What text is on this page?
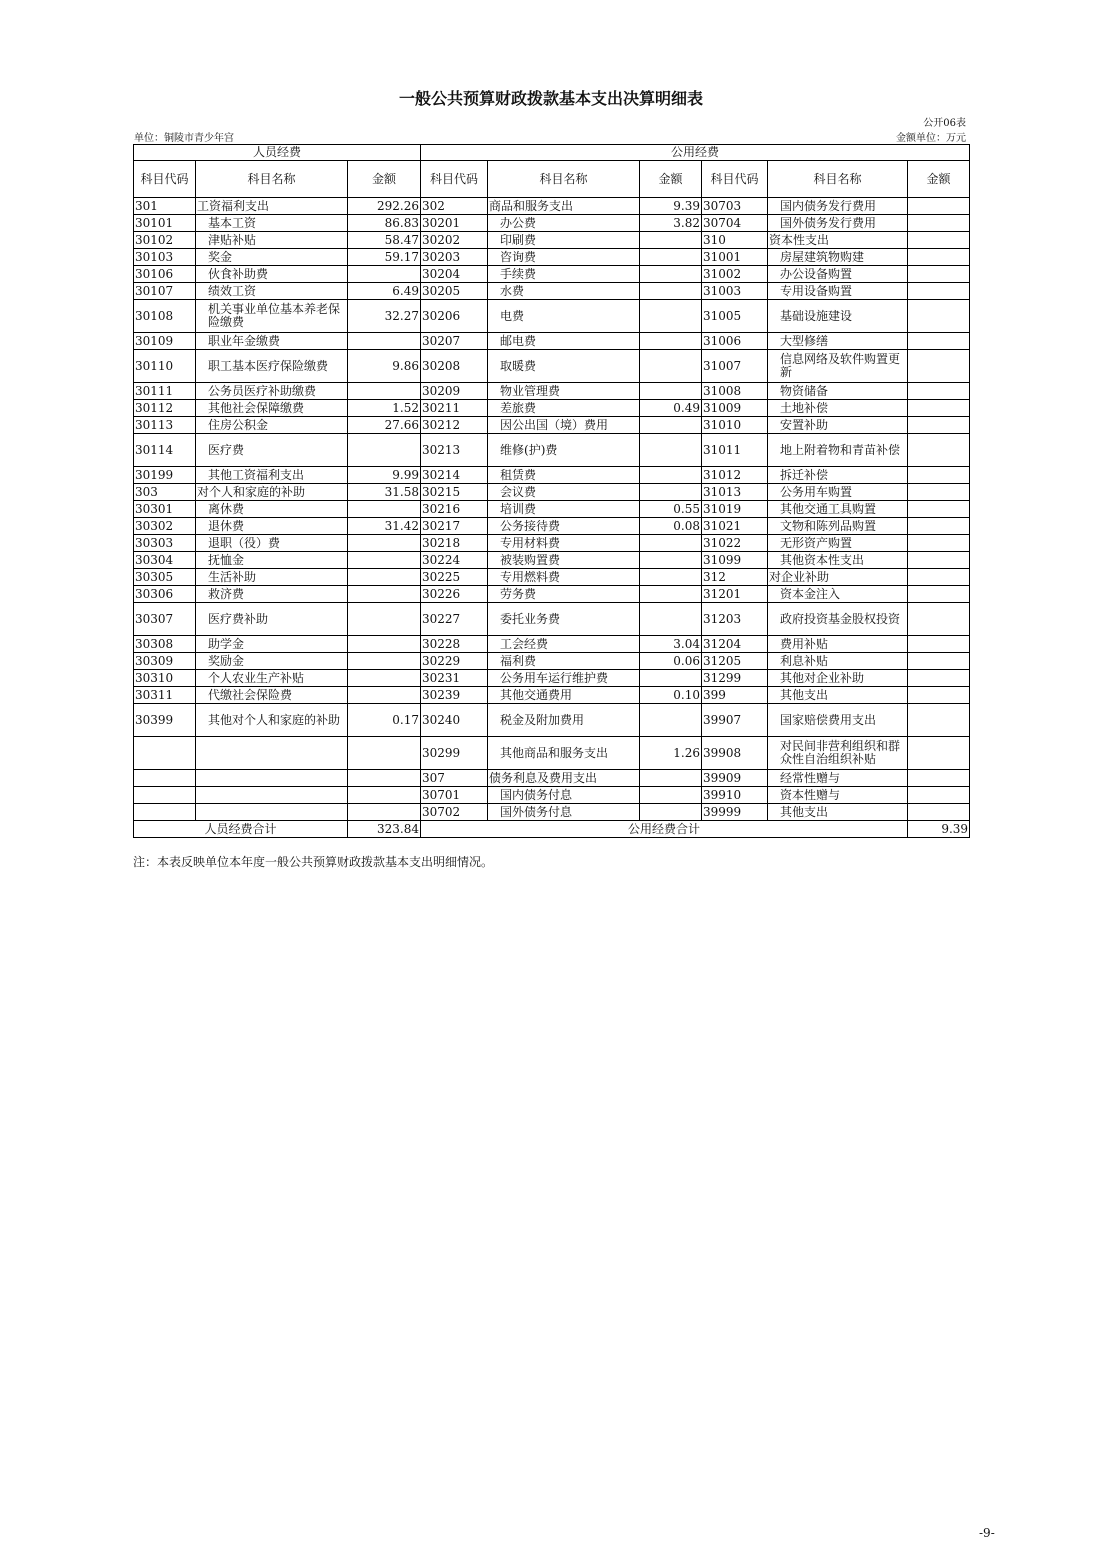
一般公共预算财政拨款基本支出决算明细表
公开06表
单位：铜陵市青少年宫	金额单位：万元
人员经费			公用经费					
科目代码	科目名称	金额	科目代码	科目名称	金额	科目代码	科目名称	金额
301	工资福利支出	292.26	302	商品和服务支出	9.39	30703	国内债务发行费用	
30101	基本工资	86.83	30201	办公费	3.82	30704	国外债务发行费用	
30102	津贴补贴	58.47	30202	印刷费		310	资本性支出	
30103	奖金	59.17	30203	咨询费		31001	房屋建筑物购建	
30106	伙食补助费		30204	手续费		31002	办公设备购置	
30107	绩效工资	6.49	30205	水费		31003	专用设备购置	
30108	机关事业单位基本养老保险缴费	32.27	30206	电费		31005	基础设施建设	
30109	职业年金缴费		30207	邮电费		31006	大型修缮	
30110	职工基本医疗保险缴费	9.86	30208	取暖费		31007	信息网络及软件购置更新	
30111	公务员医疗补助缴费		30209	物业管理费		31008	物资储备	
30112	其他社会保障缴费	1.52	30211	差旅费	0.49	31009	土地补偿	
30113	住房公积金	27.66	30212	因公出国（境）费用		31010	安置补助	
30114	医疗费		30213	维修(护)费		31011	地上附着物和青苗补偿	
30199	其他工资福利支出	9.99	30214	租赁费		31012	拆迁补偿	
303	对个人和家庭的补助	31.58	30215	会议费		31013	公务用车购置	
30301	离休费		30216	培训费	0.55	31019	其他交通工具购置	
30302	退休费	31.42	30217	公务接待费	0.08	31021	文物和陈列品购置	
30303	退职（役）费		30218	专用材料费		31022	无形资产购置	
30304	抚恤金		30224	被装购置费		31099	其他资本性支出	
30305	生活补助		30225	专用燃料费		312	对企业补助	
30306	救济费		30226	劳务费		31201	资本金注入	
30307	医疗费补助		30227	委托业务费		31203	政府投资基金股权投资	
30308	助学金		30228	工会经费	3.04	31204	费用补贴	
30309	奖励金		30229	福利费	0.06	31205	利息补贴	
30310	个人农业生产补贴		30231	公务用车运行维护费		31299	其他对企业补助	
30311	代缴社会保险费		30239	其他交通费用	0.10	399	其他支出	
30399	其他对个人和家庭的补助	0.17	30240	税金及附加费用		39907	国家赔偿费用支出	
			30299	其他商品和服务支出	1.26	39908	对民间非营利组织和群众性自治组织补贴	
			307	债务利息及费用支出		39909	经常性赠与	
			30701	国内债务付息		39910	资本性赠与	
			30702	国外债务付息		39999	其他支出	
人员经费合计		323.84	公用经费合计					9.39
注：本表反映单位本年度一般公共预算财政拨款基本支出明细情况。
-9-
